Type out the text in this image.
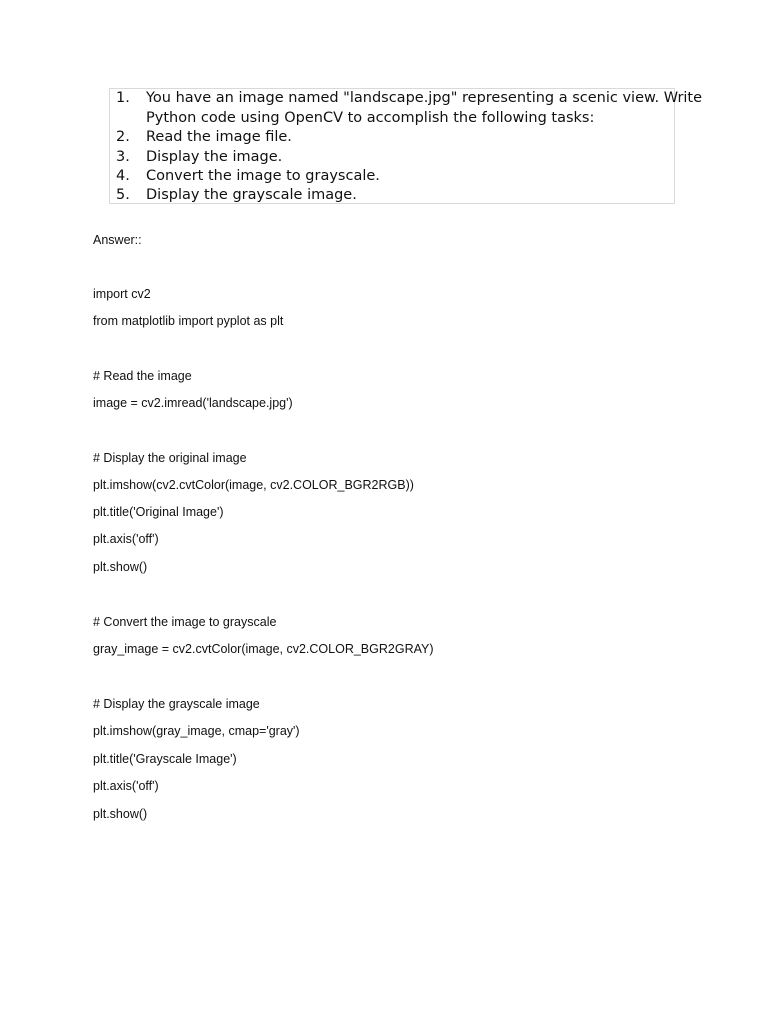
1.	You have an image named "landscape.jpg" representing a scenic view. Write
Python code using OpenCV to accomplish the following tasks:
2.	Read the image file.
3.	Display the image.
4.	Convert the image to grayscale.
5.	Display the grayscale image.
Answer::
import cv2
from matplotlib import pyplot as plt
# Read the image
image = cv2.imread('landscape.jpg')
# Display the original image
plt.imshow(cv2.cvtColor(image, cv2.COLOR_BGR2RGB))
plt.title('Original Image')
plt.axis('off')
plt.show()
# Convert the image to grayscale
gray_image = cv2.cvtColor(image, cv2.COLOR_BGR2GRAY)
# Display the grayscale image
plt.imshow(gray_image, cmap='gray')
plt.title('Grayscale Image')
plt.axis('off')
plt.show()
